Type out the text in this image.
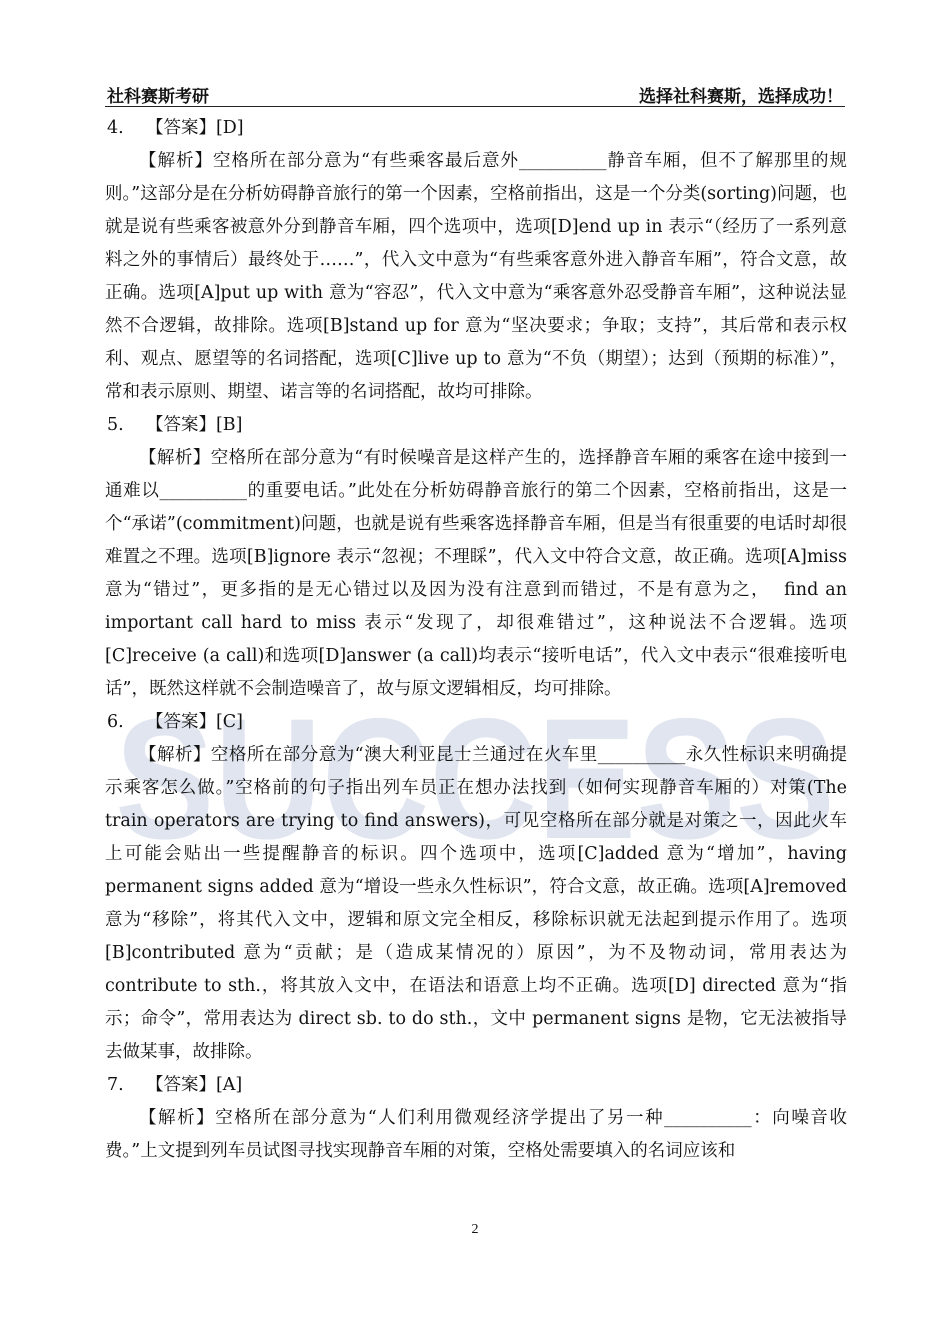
社科赛斯考研	选择社科赛斯，选择成功！
SUCCESS

4.    【答案】[D]

【解析】空格所在部分意为“有些乘客最后意外__________静音车厢，但不了解那里的规则。”这部分是在分析妨碍静音旅行的第一个因素，空格前指出，这是一个分类(sorting)问题，也就是说有些乘客被意外分到静音车厢，四个选项中，选项[D]end up in 表示“（经历了一系列意料之外的事情后）最终处于……”，代入文中意为“有些乘客意外进入静音车厢”，符合文意，故正确。选项[A]put up with 意为“容忍”，代入文中意为“乘客意外忍受静音车厢”，这种说法显然不合逻辑，故排除。选项[B]stand up for 意为“坚决要求；争取；支持”，其后常和表示权利、观点、愿望等的名词搭配，选项[C]live up to 意为“不负（期望）；达到（预期的标准）”，常和表示原则、期望、诺言等的名词搭配，故均可排除。

5.    【答案】[B]

【解析】空格所在部分意为“有时候噪音是这样产生的，选择静音车厢的乘客在途中接到一通难以__________的重要电话。”此处在分析妨碍静音旅行的第二个因素，空格前指出，这是一个“承诺”(commitment)问题，也就是说有些乘客选择静音车厢，但是当有很重要的电话时却很难置之不理。选项[B]ignore 表示“忽视；不理睬”，代入文中符合文意，故正确。选项[A]miss 意为“错过”，更多指的是无心错过以及因为没有注意到而错过，不是有意为之，  find an important call hard to miss 表示“发现了，却很难错过”，这种说法不合逻辑。选项[C]receive (a call)和选项[D]answer (a call)均表示“接听电话”，代入文中表示“很难接听电话”，既然这样就不会制造噪音了，故与原文逻辑相反，均可排除。

6.    【答案】[C]

【解析】空格所在部分意为“澳大利亚昆士兰通过在火车里__________永久性标识来明确提示乘客怎么做。”空格前的句子指出列车员正在想办法找到（如何实现静音车厢的）对策(The train operators are trying to find answers)，可见空格所在部分就是对策之一，因此火车上可能会贴出一些提醒静音的标识。四个选项中，选项[C]added 意为“增加”，having permanent signs added 意为“增设一些永久性标识”，符合文意，故正确。选项[A]removed 意为“移除”，将其代入文中，逻辑和原文完全相反，移除标识就无法起到提示作用了。选项[B]contributed 意为“贡献；是（造成某情况的）原因”，为不及物动词，常用表达为 contribute to sth.，将其放入文中，在语法和语意上均不正确。选项[D] directed 意为“指示；命令”，常用表达为 direct sb. to do sth.，文中 permanent signs 是物，它无法被指导去做某事，故排除。

7.    【答案】[A]

【解析】空格所在部分意为“人们利用微观经济学提出了另一种__________：向噪音收费。”上文提到列车员试图寻找实现静音车厢的对策，空格处需要填入的名词应该和

2
